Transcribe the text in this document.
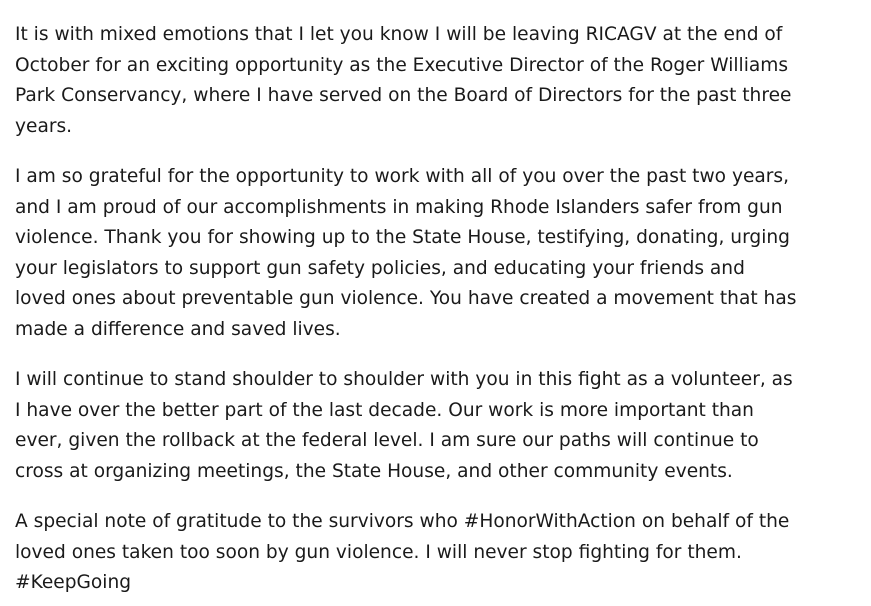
It is with mixed emotions that I let you know I will be leaving RICAGV at the end of
October for an exciting opportunity as the Executive Director of the Roger Williams
Park Conservancy, where I have served on the Board of Directors for the past three
years.

I am so grateful for the opportunity to work with all of you over the past two years,
and I am proud of our accomplishments in making Rhode Islanders safer from gun
violence. Thank you for showing up to the State House, testifying, donating, urging
your legislators to support gun safety policies, and educating your friends and
loved ones about preventable gun violence. You have created a movement that has
made a difference and saved lives.

I will continue to stand shoulder to shoulder with you in this fight as a volunteer, as
I have over the better part of the last decade. Our work is more important than
ever, given the rollback at the federal level. I am sure our paths will continue to
cross at organizing meetings, the State House, and other community events.

A special note of gratitude to the survivors who #HonorWithAction on behalf of the
loved ones taken too soon by gun violence. I will never stop fighting for them.
#KeepGoing
